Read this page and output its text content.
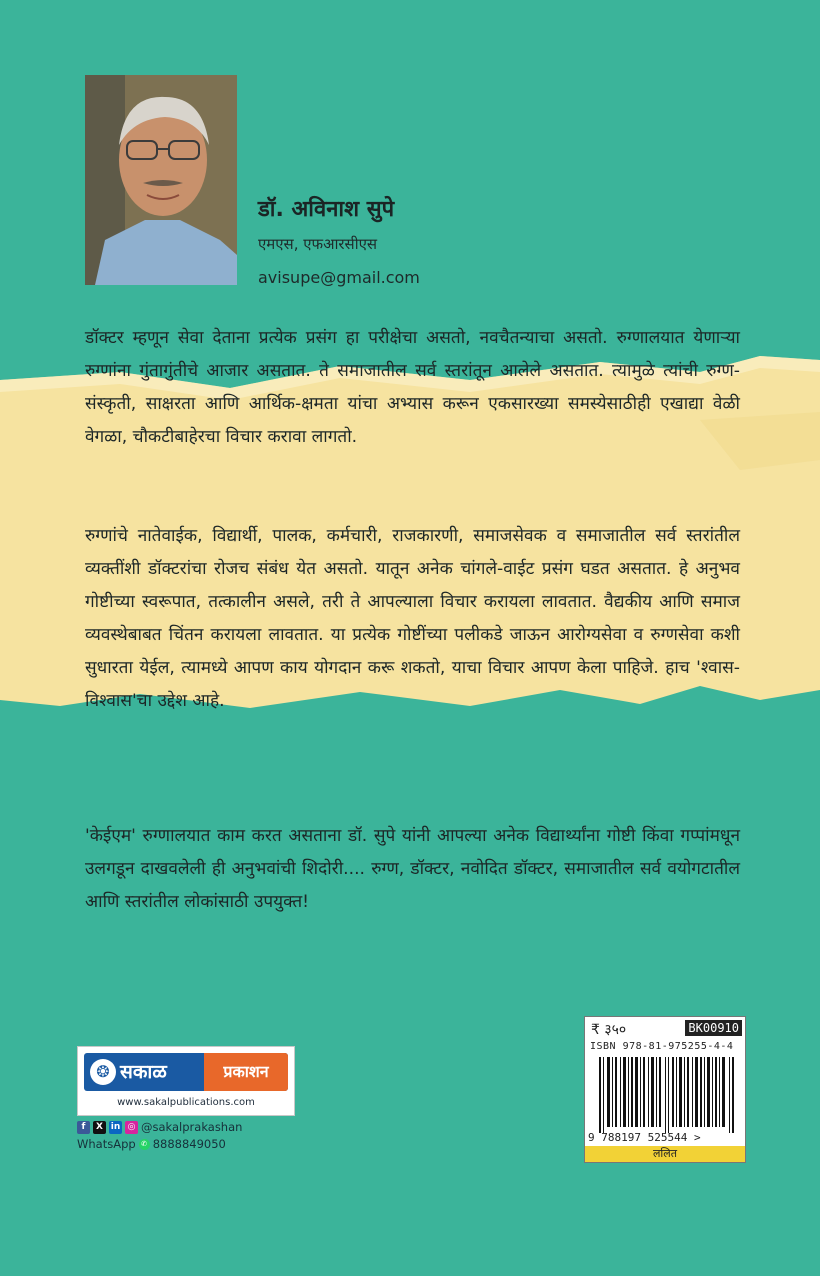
डॉ. अविनाश सुपे
एमएस, एफआरसीएस
avisupe@gmail.com
डॉक्टर म्हणून सेवा देताना प्रत्येक प्रसंग हा परीक्षेचा असतो, नवचैतन्याचा असतो. रुग्णालयात येणाऱ्या रुग्णांना गुंतागुंतीचे आजार असतात. ते समाजातील सर्व स्तरांतून आलेले असतात. त्यामुळे त्यांची रुग्ण-संस्कृती, साक्षरता आणि आर्थिक-क्षमता यांचा अभ्यास करून एकसारख्या समस्येसाठीही एखाद्या वेळी वेगळा, चौकटीबाहेरचा विचार करावा लागतो.
रुग्णांचे नातेवाईक, विद्यार्थी, पालक, कर्मचारी, राजकारणी, समाजसेवक व समाजातील सर्व स्तरांतील व्यक्तींशी डॉक्टरांचा रोजच संबंध येत असतो. यातून अनेक चांगले-वाईट प्रसंग घडत असतात. हे अनुभव गोष्टीच्या स्वरूपात, तत्कालीन असले, तरी ते आपल्याला विचार करायला लावतात. वैद्यकीय आणि समाज व्यवस्थेबाबत चिंतन करायला लावतात. या प्रत्येक गोष्टींच्या पलीकडे जाऊन आरोग्यसेवा व रुग्णसेवा कशी सुधारता येईल, त्यामध्ये आपण काय योगदान करू शकतो, याचा विचार आपण केला पाहिजे. हाच 'श्वास-विश्वास'चा उद्देश आहे.
'केईएम' रुग्णालयात काम करत असताना डॉ. सुपे यांनी आपल्या अनेक विद्यार्थ्यांना गोष्टी किंवा गप्पांमधून उलगडून दाखवलेली ही अनुभवांची शिदोरी.... रुग्ण, डॉक्टर, नवोदित डॉक्टर, समाजातील सर्व वयोगटातील आणि स्तरांतील लोकांसाठी उपयुक्त!
❂ सकाळ	प्रकाशन
www.sakalpublications.com
f	X in ◎ @sakalprakashan
WhatsApp ✆ 8888849050
₹ ३५०	BK00910
ISBN 978-81-975255-4-4
9 788197 525544 >
ललित
